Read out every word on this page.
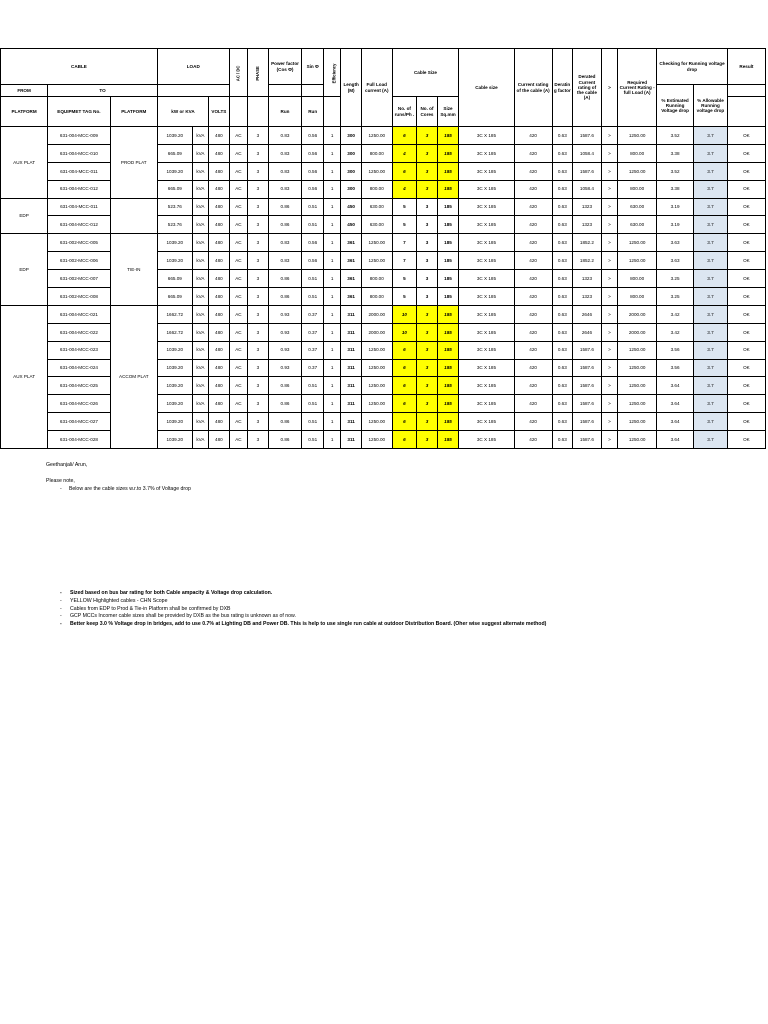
CABLE			LOAD			AC / DC	PHASE	Power factor (Cos Φ)	Sin Φ	Efficiency	Length (M)	Full Load current (A)	Cable Size			Cable size	Current rating of the cable (A)	Derating factor	Derated Current rating of the cable (A)	>	Required Current Rating - full Load (A)	Checking for Running voltage drop		Result
FROM	TO																					% Estimated Running Voltage drop	% Allowable Running voltage drop	
PLATFORM	EQUIPMET TAG No.	PLATFORM	kW or KVA		VOLTS			Run	Run				No. of runs/Ph .	No. of Cores	Size Sq.mm									
AUX PLAT	631-004-MCC-009	PROD PLAT	1039.20	kVA	480	AC	3	0.83	0.56	1	300	1250.00	6	3	185	3C X 185	420	0.63	1587.6	>	1250.00	3.52	3.7	OK
	631-004-MCC-010		665.09	kVA	480	AC	3	0.83	0.56	1	300	800.00	4	3	185	3C X 185	420	0.63	1058.4	>	800.00	3.38	3.7	OK
	631-004-MCC-011		1039.20	kVA	480	AC	3	0.83	0.56	1	300	1250.00	6	3	185	3C X 185	420	0.63	1587.6	>	1250.00	3.52	3.7	OK
	631-004-MCC-012		665.09	kVA	480	AC	3	0.83	0.56	1	300	800.00	4	3	185	3C X 185	420	0.63	1058.4	>	800.00	3.38	3.7	OK
EDP	631-004-MCC-011		523.76	kVA	480	AC	3	0.86	0.51	1	450	630.00	5	3	185	3C X 185	420	0.63	1323	>	630.00	3.19	3.7	OK
	631-004-MCC-012		523.76	kVA	480	AC	3	0.86	0.51	1	450	630.00	5	3	185	3C X 185	420	0.63	1323	>	630.00	3.19	3.7	OK
EDP	631-002-MCC-005	TIE-IN	1039.20	kVA	480	AC	3	0.83	0.56	1	361	1250.00	7	3	185	3C X 185	420	0.63	1852.2	>	1250.00	3.63	3.7	OK
	631-002-MCC-006		1039.20	kVA	480	AC	3	0.83	0.56	1	361	1250.00	7	3	185	3C X 185	420	0.63	1852.2	>	1250.00	3.63	3.7	OK
	631-002-MCC-007		665.09	kVA	480	AC	3	0.86	0.51	1	361	800.00	5	3	185	3C X 185	420	0.63	1323	>	800.00	3.25	3.7	OK
	631-002-MCC-008		665.09	kVA	480	AC	3	0.86	0.51	1	361	800.00	5	3	185	3C X 185	420	0.63	1323	>	800.00	3.25	3.7	OK
AUX PLAT	631-004-MCC-021	ACCOM PLAT	1662.72	kVA	480	AC	3	0.93	0.37	1	311	2000.00	10	3	185	3C X 185	420	0.63	2646	>	2000.00	3.42	3.7	OK
	631-004-MCC-022		1662.72	kVA	480	AC	3	0.93	0.37	1	311	2000.00	10	3	185	3C X 185	420	0.63	2646	>	2000.00	3.42	3.7	OK
	631-004-MCC-023		1039.20	kVA	480	AC	3	0.93	0.37	1	311	1250.00	6	3	185	3C X 185	420	0.63	1587.6	>	1250.00	3.56	3.7	OK
	631-004-MCC-024		1039.20	kVA	480	AC	3	0.93	0.37	1	311	1250.00	6	3	185	3C X 185	420	0.63	1587.6	>	1250.00	3.56	3.7	OK
	631-004-MCC-025		1039.20	kVA	480	AC	3	0.86	0.51	1	311	1250.00	6	3	185	3C X 185	420	0.63	1587.6	>	1250.00	3.64	3.7	OK
	631-004-MCC-026		1039.20	kVA	480	AC	3	0.86	0.51	1	311	1250.00	6	3	185	3C X 185	420	0.63	1587.6	>	1250.00	3.64	3.7	OK
	631-004-MCC-027		1039.20	kVA	480	AC	3	0.86	0.51	1	311	1250.00	6	3	185	3C X 185	420	0.63	1587.6	>	1250.00	3.64	3.7	OK
	631-004-MCC-028		1039.20	kVA	480	AC	3	0.86	0.51	1	311	1250.00	6	3	185	3C X 185	420	0.63	1587.6	>	1250.00	3.64	3.7	OK
Geethanjali/ Arun,
Please note,
-     Below are the cable sizes w.r.to 3.7% of Voltage drop
- Sized based on bus bar rating for both Cable ampacity & Voltage drop calculation.
- YELLOW Highlighted cables - CHN Scope
- Cables from EDP to Prod & Tie-in Platform shall be confirmed by DXB
- GCP MCCs Incomer cable sizes shall be provided by DXB as the bus rating is unknown as of now.
- Better keep 3.0 % Voltage drop in bridges, add to use 0.7% at Lighting DB and Power DB. This is help to use single run cable at outdoor Distribution Board. (Oher wise suggest alternate method)
